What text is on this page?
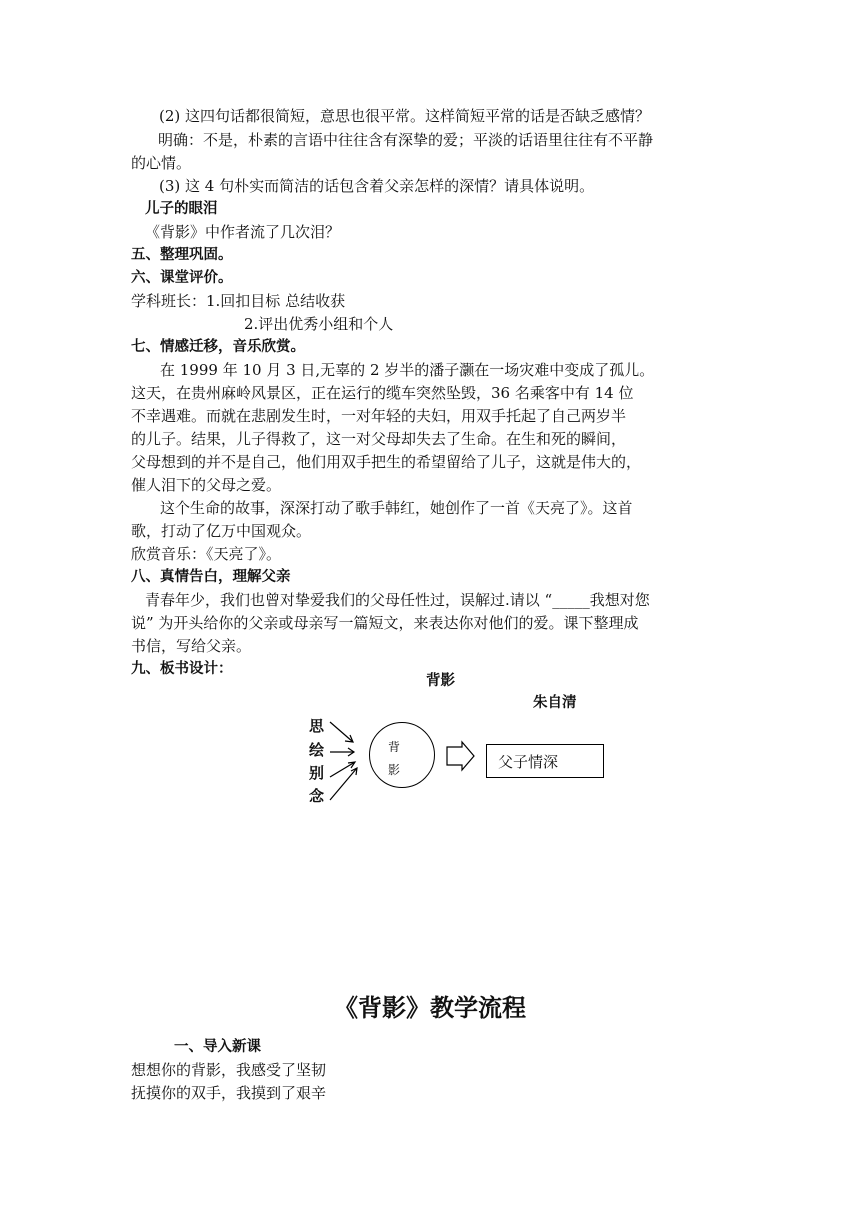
(2) 这四句话都很简短，意思也很平常。这样简短平常的话是否缺乏感情？
明确：不是，朴素的言语中往往含有深挚的爱；平淡的话语里往往有不平静
的心情。
(3) 这 4 句朴实而简洁的话包含着父亲怎样的深情？请具体说明。
儿子的眼泪
《背影》中作者流了几次泪？
五、整理巩固。
六、课堂评价。
学科班长：1.回扣目标 总结收获
2.评出优秀小组和个人
七、情感迁移，音乐欣赏。
在 1999 年 10 月 3 日,无辜的 2 岁半的潘子灏在一场灾难中变成了孤儿。
这天，在贵州麻岭风景区，正在运行的缆车突然坠毁，36 名乘客中有 14 位
不幸遇难。而就在悲剧发生时，一对年轻的夫妇，用双手托起了自己两岁半
的儿子。结果，儿子得救了，这一对父母却失去了生命。在生和死的瞬间，
父母想到的并不是自己，他们用双手把生的希望留给了儿子，这就是伟大的，
催人泪下的父母之爱。
这个生命的故事，深深打动了歌手韩红，她创作了一首《天亮了》。这首
歌，打动了亿万中国观众。
欣赏音乐：《天亮了》。
八、真情告白，理解父亲
青春年少，我们也曾对挚爱我们的父母任性过，误解过.请以 “_____我想对您
说” 为开头给你的父亲或母亲写一篇短文，来表达你对他们的爱。课下整理成
书信，写给父亲。
九、板书设计：
背影
朱自清
思
绘
别
念
背
影	父子情深
《背影》教学流程
一、导入新课
想想你的背影，我感受了坚韧
抚摸你的双手，我摸到了艰辛
